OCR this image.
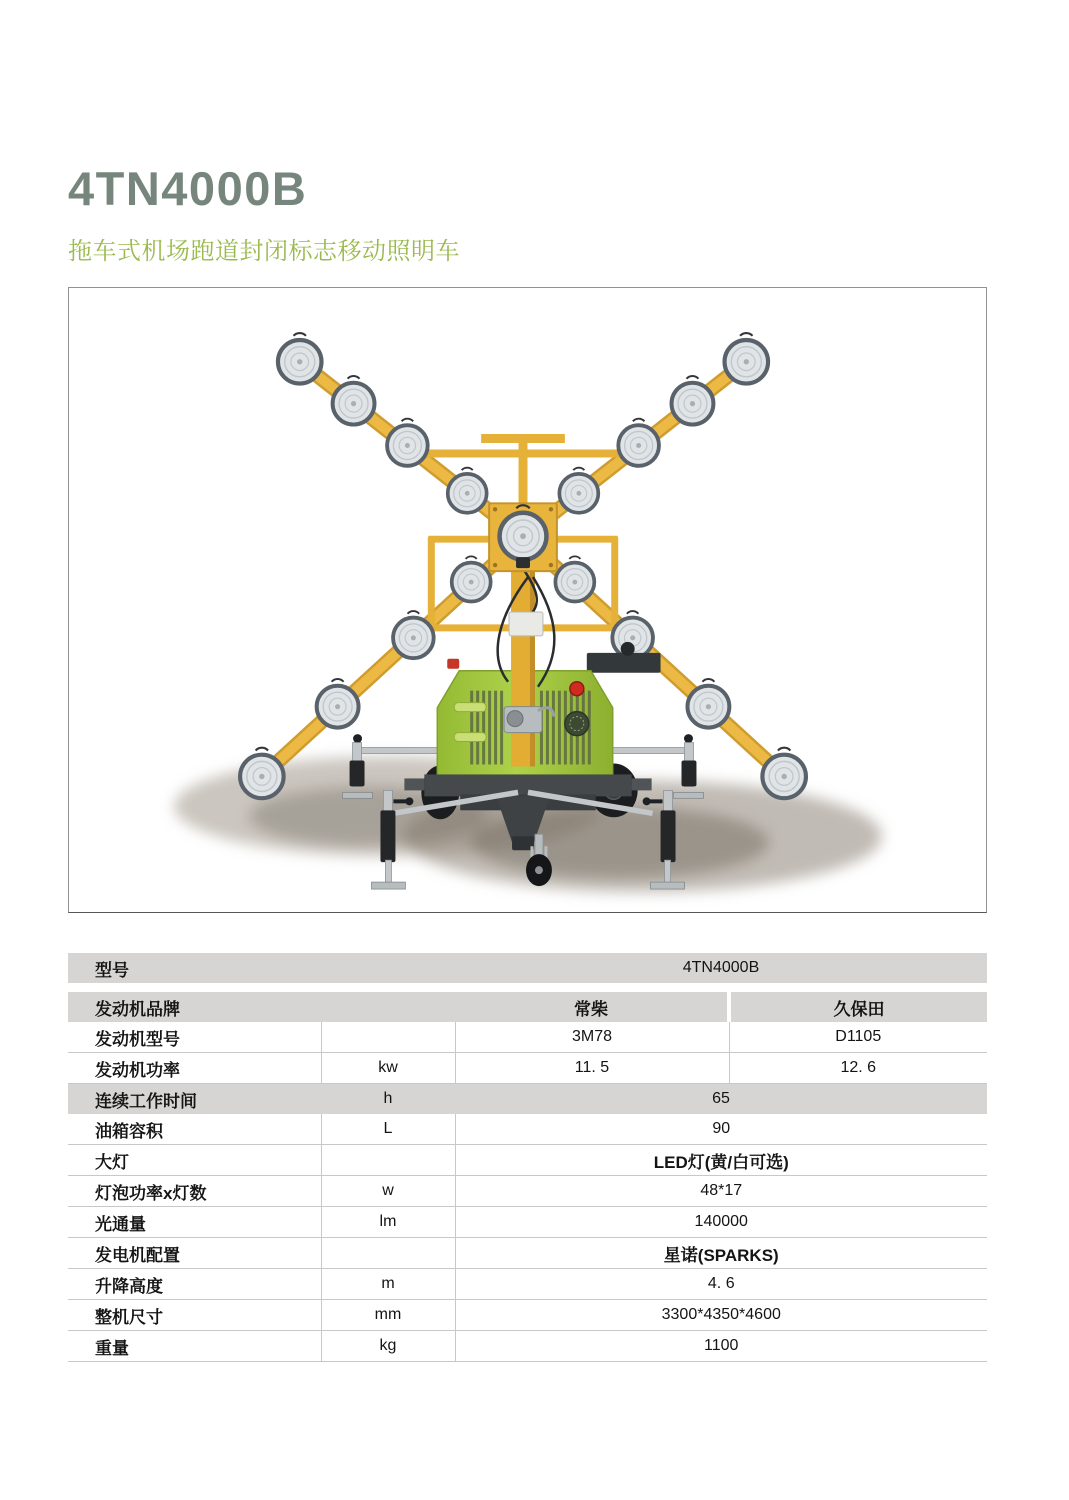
4TN4000B
拖车式机场跑道封闭标志移动照明车
型号		4TN4000B	

发动机品牌		常柴	久保田
发动机型号		3M78	D1105
发动机功率	kw	11. 5	12. 6
连续工作时间	h	65	
油箱容积	L	90	
大灯		LED灯(黄/白可选)	
灯泡功率x灯数	w	48*17	
光通量	lm	140000	
发电机配置		星诺(SPARKS)	
升降高度	m	4. 6	
整机尺寸	mm	3300*4350*4600	
重量	kg	1100	
